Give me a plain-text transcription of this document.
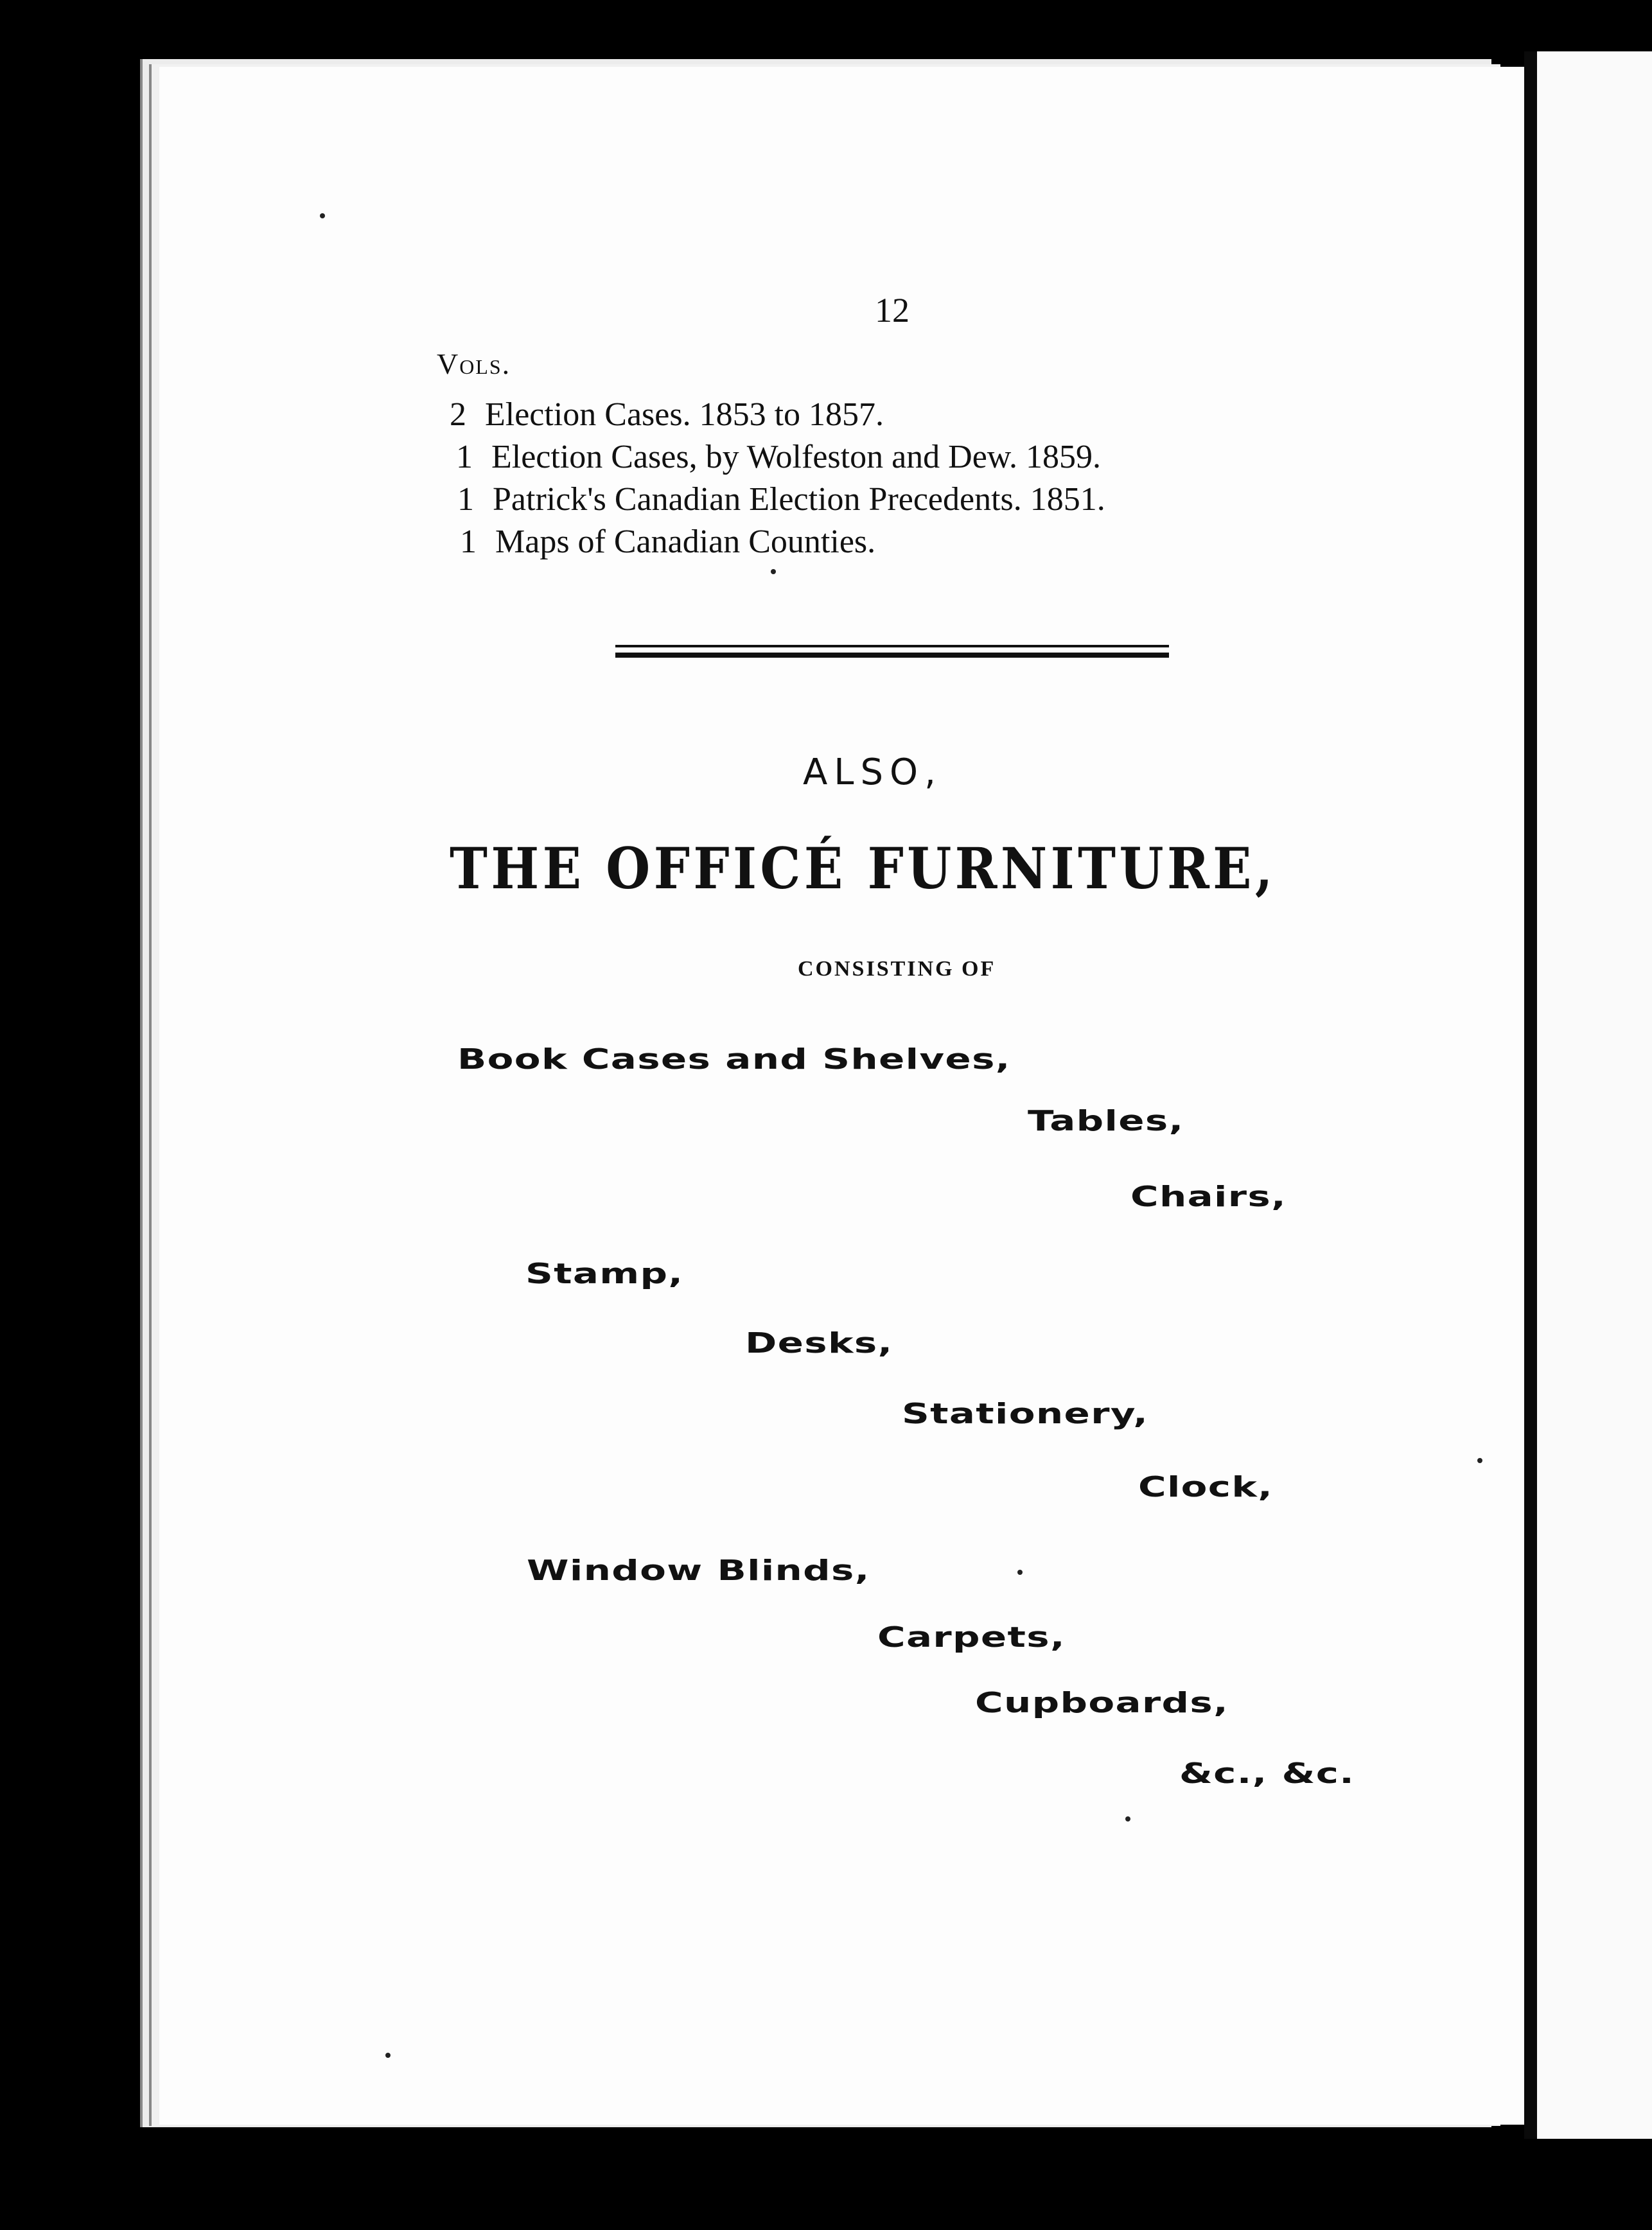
12
Vols.
2 Election Cases. 1853 to 1857.
1 Election Cases, by Wolfeston and Dew. 1859.
1 Patrick's Canadian Election Precedents. 1851.
1 Maps of Canadian Counties.
ALSO,
THE OFFICÉ FURNITURE,
CONSISTING OF
Book Cases and Shelves,
Tables,
Chairs,
Stamp,
Desks,
Stationery,
Clock,
Window Blinds,
Carpets,
Cupboards,
&c., &c.
